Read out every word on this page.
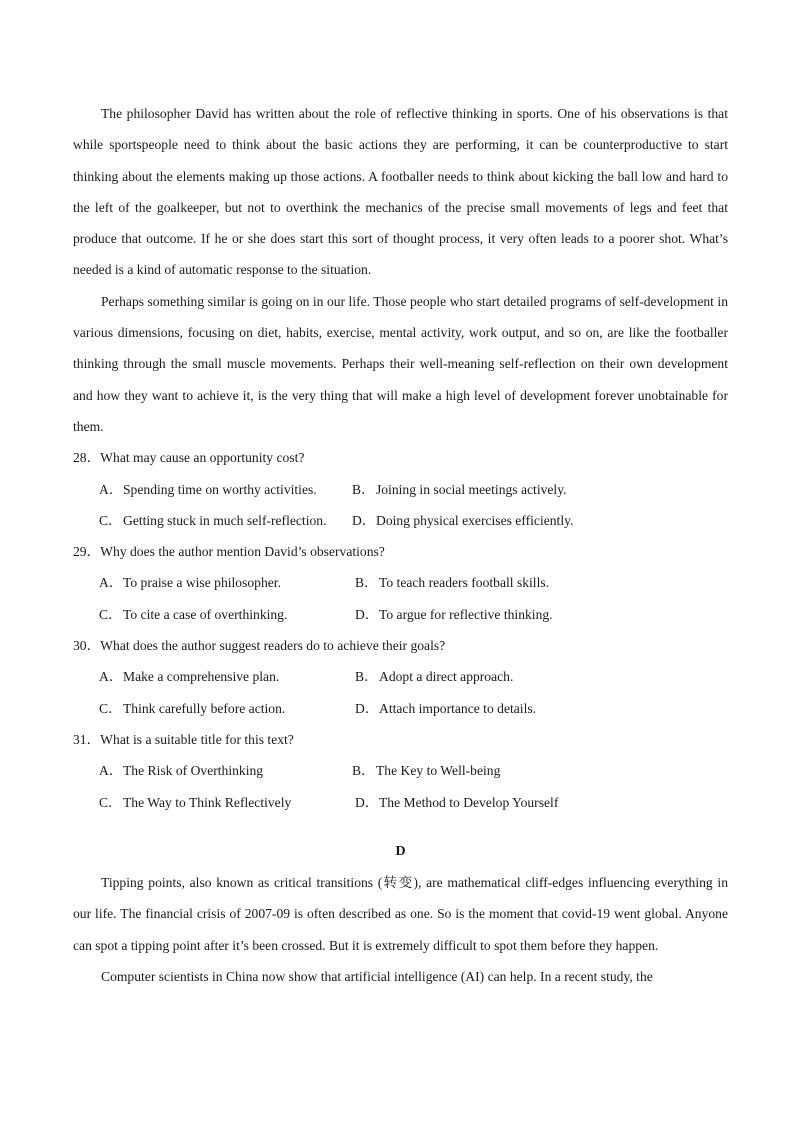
The philosopher David has written about the role of reflective thinking in sports. One of his observations is that while sportspeople need to think about the basic actions they are performing, it can be counterproductive to start thinking about the elements making up those actions. A footballer needs to think about kicking the ball low and hard to the left of the goalkeeper, but not to overthink the mechanics of the precise small movements of legs and feet that produce that outcome. If he or she does start this sort of thought process, it very often leads to a poorer shot. What’s needed is a kind of automatic response to the situation.

Perhaps something similar is going on in our life. Those people who start detailed programs of self-development in various dimensions, focusing on diet, habits, exercise, mental activity, work output, and so on, are like the footballer thinking through the small muscle movements. Perhaps their well-meaning self-reflection on their own development and how they want to achieve it, is the very thing that will make a high level of development forever unobtainable for them.

28．What may cause an opportunity cost?

A．Spending time on worthy activities.	B．Joining in social meetings actively.
C．Getting stuck in much self-reflection. D．Doing physical exercises efficiently.

29．Why does the author mention David’s observations?

A．To praise a wise philosopher.	B．To teach readers football skills.
C．To cite a case of overthinking.	D．To argue for reflective thinking.

30．What does the author suggest readers do to achieve their goals?

A．Make a comprehensive plan.	B．Adopt a direct approach.
C．Think carefully before action.	D．Attach importance to details.

31．What is a suitable title for this text?

A．The Risk of Overthinking	B．The Key to Well-being
C．The Way to Think Reflectively	D．The Method to Develop Yourself
D

Tipping points, also known as critical transitions (转变), are mathematical cliff-edges influencing everything in our life. The financial crisis of 2007-09 is often described as one. So is the moment that covid-19 went global. Anyone can spot a tipping point after it’s been crossed. But it is extremely difficult to spot them before they happen.

Computer scientists in China now show that artificial intelligence (AI) can help. In a recent study, the
